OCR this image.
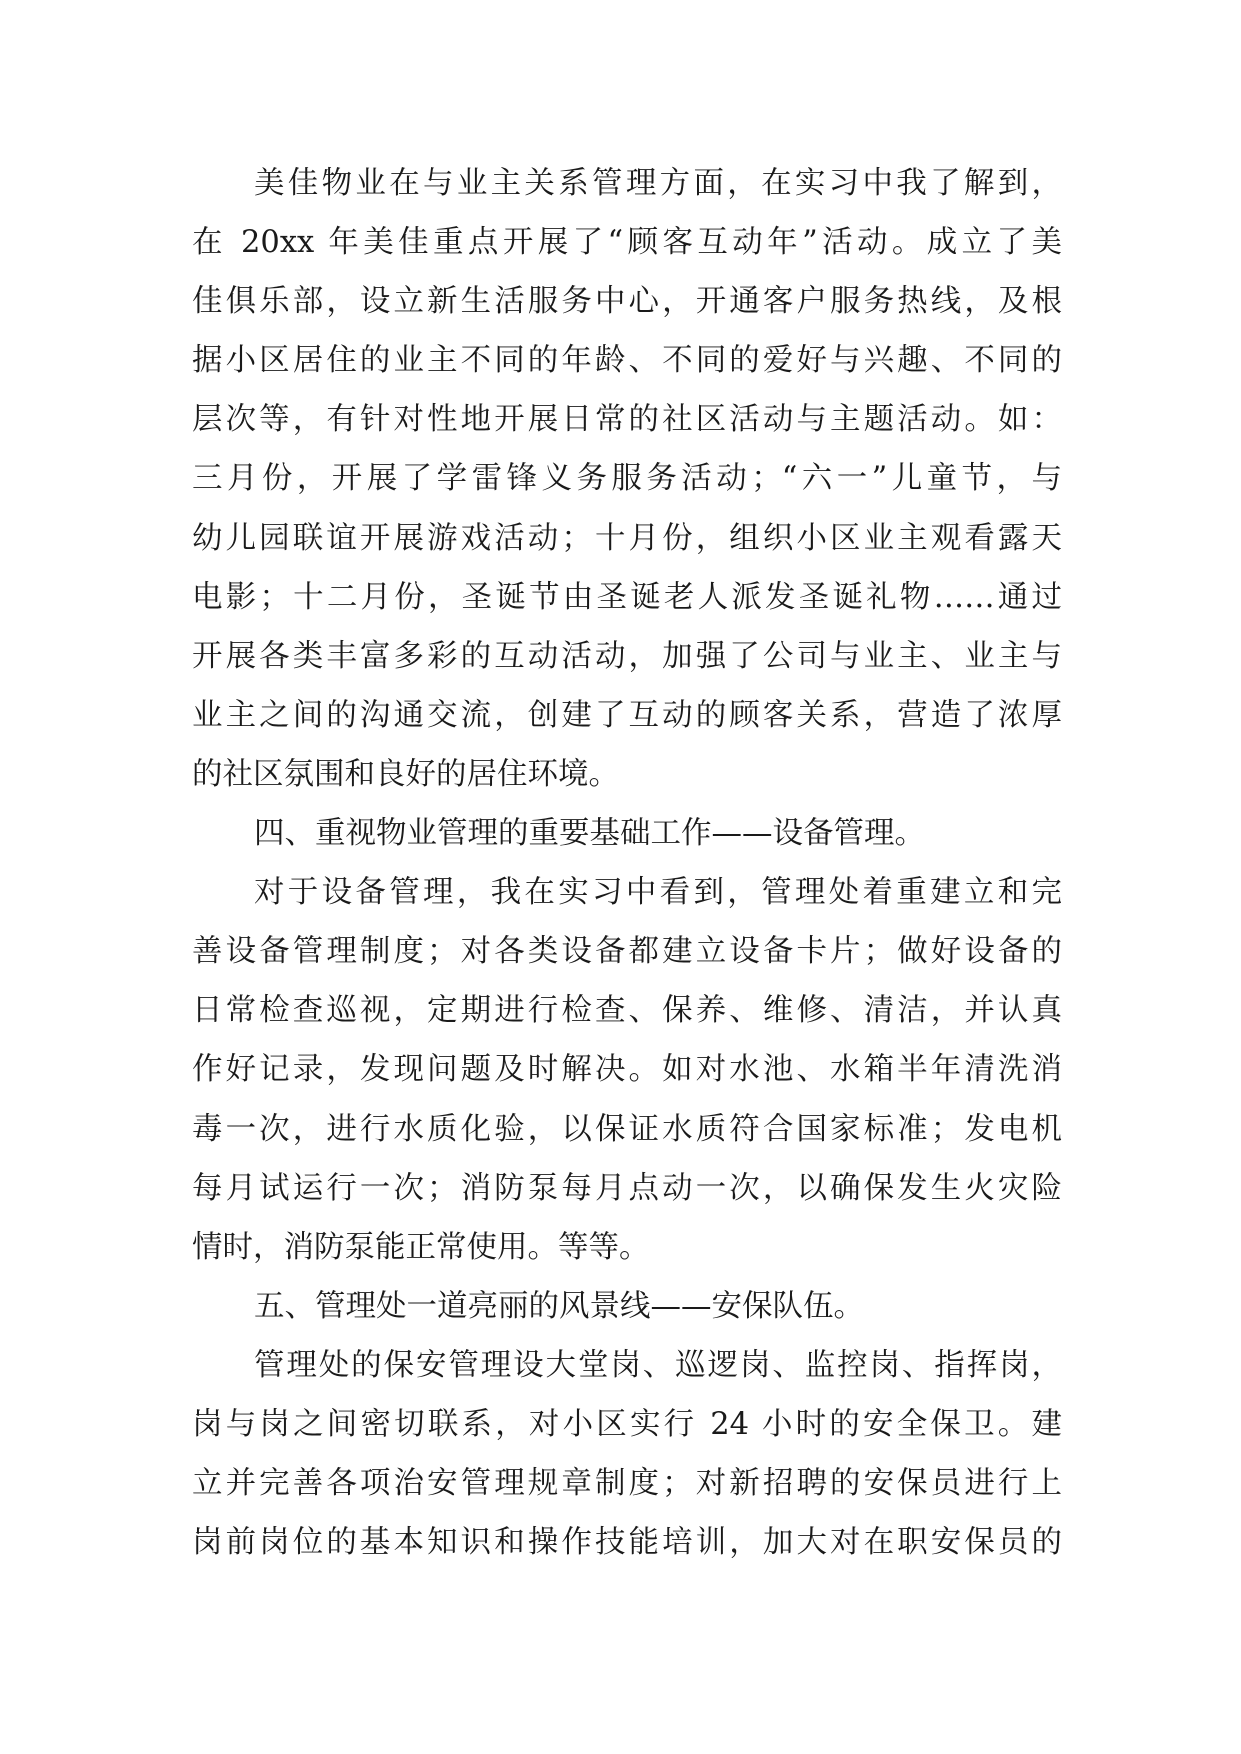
美佳物业在与业主关系管理方面，在实习中我了解到，
在 20xx 年美佳重点开展了“顾客互动年”活动。成立了美
佳俱乐部，设立新生活服务中心，开通客户服务热线，及根
据小区居住的业主不同的年龄、不同的爱好与兴趣、不同的
层次等，有针对性地开展日常的社区活动与主题活动。如：
三月份，开展了学雷锋义务服务活动；“六一”儿童节，与
幼儿园联谊开展游戏活动；十月份，组织小区业主观看露天
电影；十二月份，圣诞节由圣诞老人派发圣诞礼物……通过
开展各类丰富多彩的互动活动，加强了公司与业主、业主与
业主之间的沟通交流，创建了互动的顾客关系，营造了浓厚
的社区氛围和良好的居住环境。
四、重视物业管理的重要基础工作——设备管理。
对于设备管理，我在实习中看到，管理处着重建立和完
善设备管理制度；对各类设备都建立设备卡片；做好设备的
日常检查巡视，定期进行检查、保养、维修、清洁，并认真
作好记录，发现问题及时解决。如对水池、水箱半年清洗消
毒一次，进行水质化验，以保证水质符合国家标准；发电机
每月试运行一次；消防泵每月点动一次，以确保发生火灾险
情时，消防泵能正常使用。等等。
五、管理处一道亮丽的风景线——安保队伍。
管理处的保安管理设大堂岗、巡逻岗、监控岗、指挥岗，
岗与岗之间密切联系，对小区实行 24 小时的安全保卫。建
立并完善各项治安管理规章制度；对新招聘的安保员进行上
岗前岗位的基本知识和操作技能培训，加大对在职安保员的
